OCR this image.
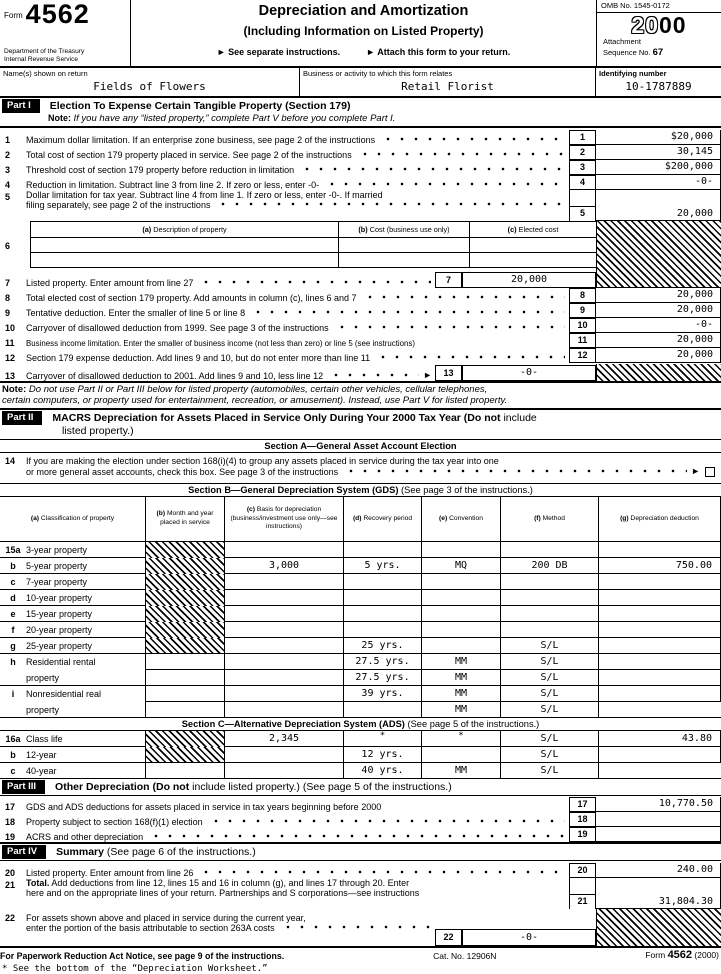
Form 4562
Department of the Treasury
Internal Revenue Service
Depreciation and Amortization
(Including Information on Listed Property)
► See separate instructions.	► Attach this form to your return.
OMB No. 1545-0172
2000
Attachment
Sequence No. 67
Name(s) shown on return
Fields of Flowers
Business or activity to which this form relates
Retail Florist
Identifying number
10-1787889
Part I	Election To Expense Certain Tangible Property (Section 179)
Note: If you have any “listed property,” complete Part V before you complete Part I.
1	Maximum dollar limitation. If an enterprise zone business, see page 2 of the instructions	1	$20,000
2	Total cost of section 179 property placed in service. See page 2 of the instructions	2	30,145
3	Threshold cost of section 179 property before reduction in limitation	3	$200,000
4	Reduction in limitation. Subtract line 3 from line 2. If zero or less, enter -0-	4	-0-
5	Dollar limitation for tax year. Subtract line 4 from line 1. If zero or less, enter -0-. If married
filing separately, see page 2 of the instructions
5	20,000
6
(a) Description of property	(b) Cost (business use only)	(c) Elected cost
7	Listed property. Enter amount from line 27	7	20,000
8	Total elected cost of section 179 property. Add amounts in column (c), lines 6 and 7	8	20,000
9	Tentative deduction. Enter the smaller of line 5 or line 8	9	20,000
10	Carryover of disallowed deduction from 1999. See page 3 of the instructions	10	-0-
11	Business income limitation. Enter the smaller of business income (not less than zero) or line 5 (see instructions)	11	20,000
12	Section 179 expense deduction. Add lines 9 and 10, but do not enter more than line 11	12	20,000
13	Carryover of disallowed deduction to 2001. Add lines 9 and 10, less line 12	►	13	-0-
Note: Do not use Part II or Part III below for listed property (automobiles, certain other vehicles, cellular telephones,
certain computers, or property used for entertainment, recreation, or amusement). Instead, use Part V for listed property.
Part II	MACRS Depreciation for Assets Placed in Service Only During Your 2000 Tax Year (Do not include
listed property.)
Section A—General Asset Account Election
14	If you are making the election under section 168(i)(4) to group any assets placed in service during the tax year into one
or more general asset accounts, check this box. See page 3 of the instructions	►
Section B—General Depreciation System (GDS) (See page 3 of the instructions.)
(a) Classification of property
(b) Month and year placed in service
(c) Basis for depreciation (business/investment use only—see instructions)
(d) Recovery period	(e) Convention	(f) Method	(g) Depreciation deduction
15a 3-year property
b	5-year property	3,000	5 yrs.	MQ	200 DB	750.00
c	7-year property
d	10-year property
e	15-year property
f	20-year property
g	25-year property	25 yrs.	S/L
h	Residential rental	27.5 yrs.	MM	S/L
property	27.5 yrs.	MM	S/L
i	Nonresidential real	39 yrs.	MM	S/L
property	MM	S/L
Section C—Alternative Depreciation System (ADS) (See page 5 of the instructions.)
16a Class life	2,345	*	*	S/L	43.80
b	12-year	12 yrs.	S/L
c	40-year	40 yrs.	MM	S/L
Part III	Other Depreciation (Do not include listed property.) (See page 5 of the instructions.)
17	GDS and ADS deductions for assets placed in service in tax years beginning before 2000	17	10,770.50
18	Property subject to section 168(f)(1) election	18
19	ACRS and other depreciation	19
Part IV	Summary (See page 6 of the instructions.)
20	Listed property. Enter amount from line 26	20	240.00
21	Total. Add deductions from line 12, lines 15 and 16 in column (g), and lines 17 through 20. Enter
here and on the appropriate lines of your return. Partnerships and S corporations—see instructions
21	31,804.30
22	For assets shown above and placed in service during the current year,
enter the portion of the basis attributable to section 263A costs
22	-0-
For Paperwork Reduction Act Notice, see page 9 of the instructions.	Cat. No. 12906N	Form 4562 (2000)
* See the bottom of the “Depreciation Worksheet.”
